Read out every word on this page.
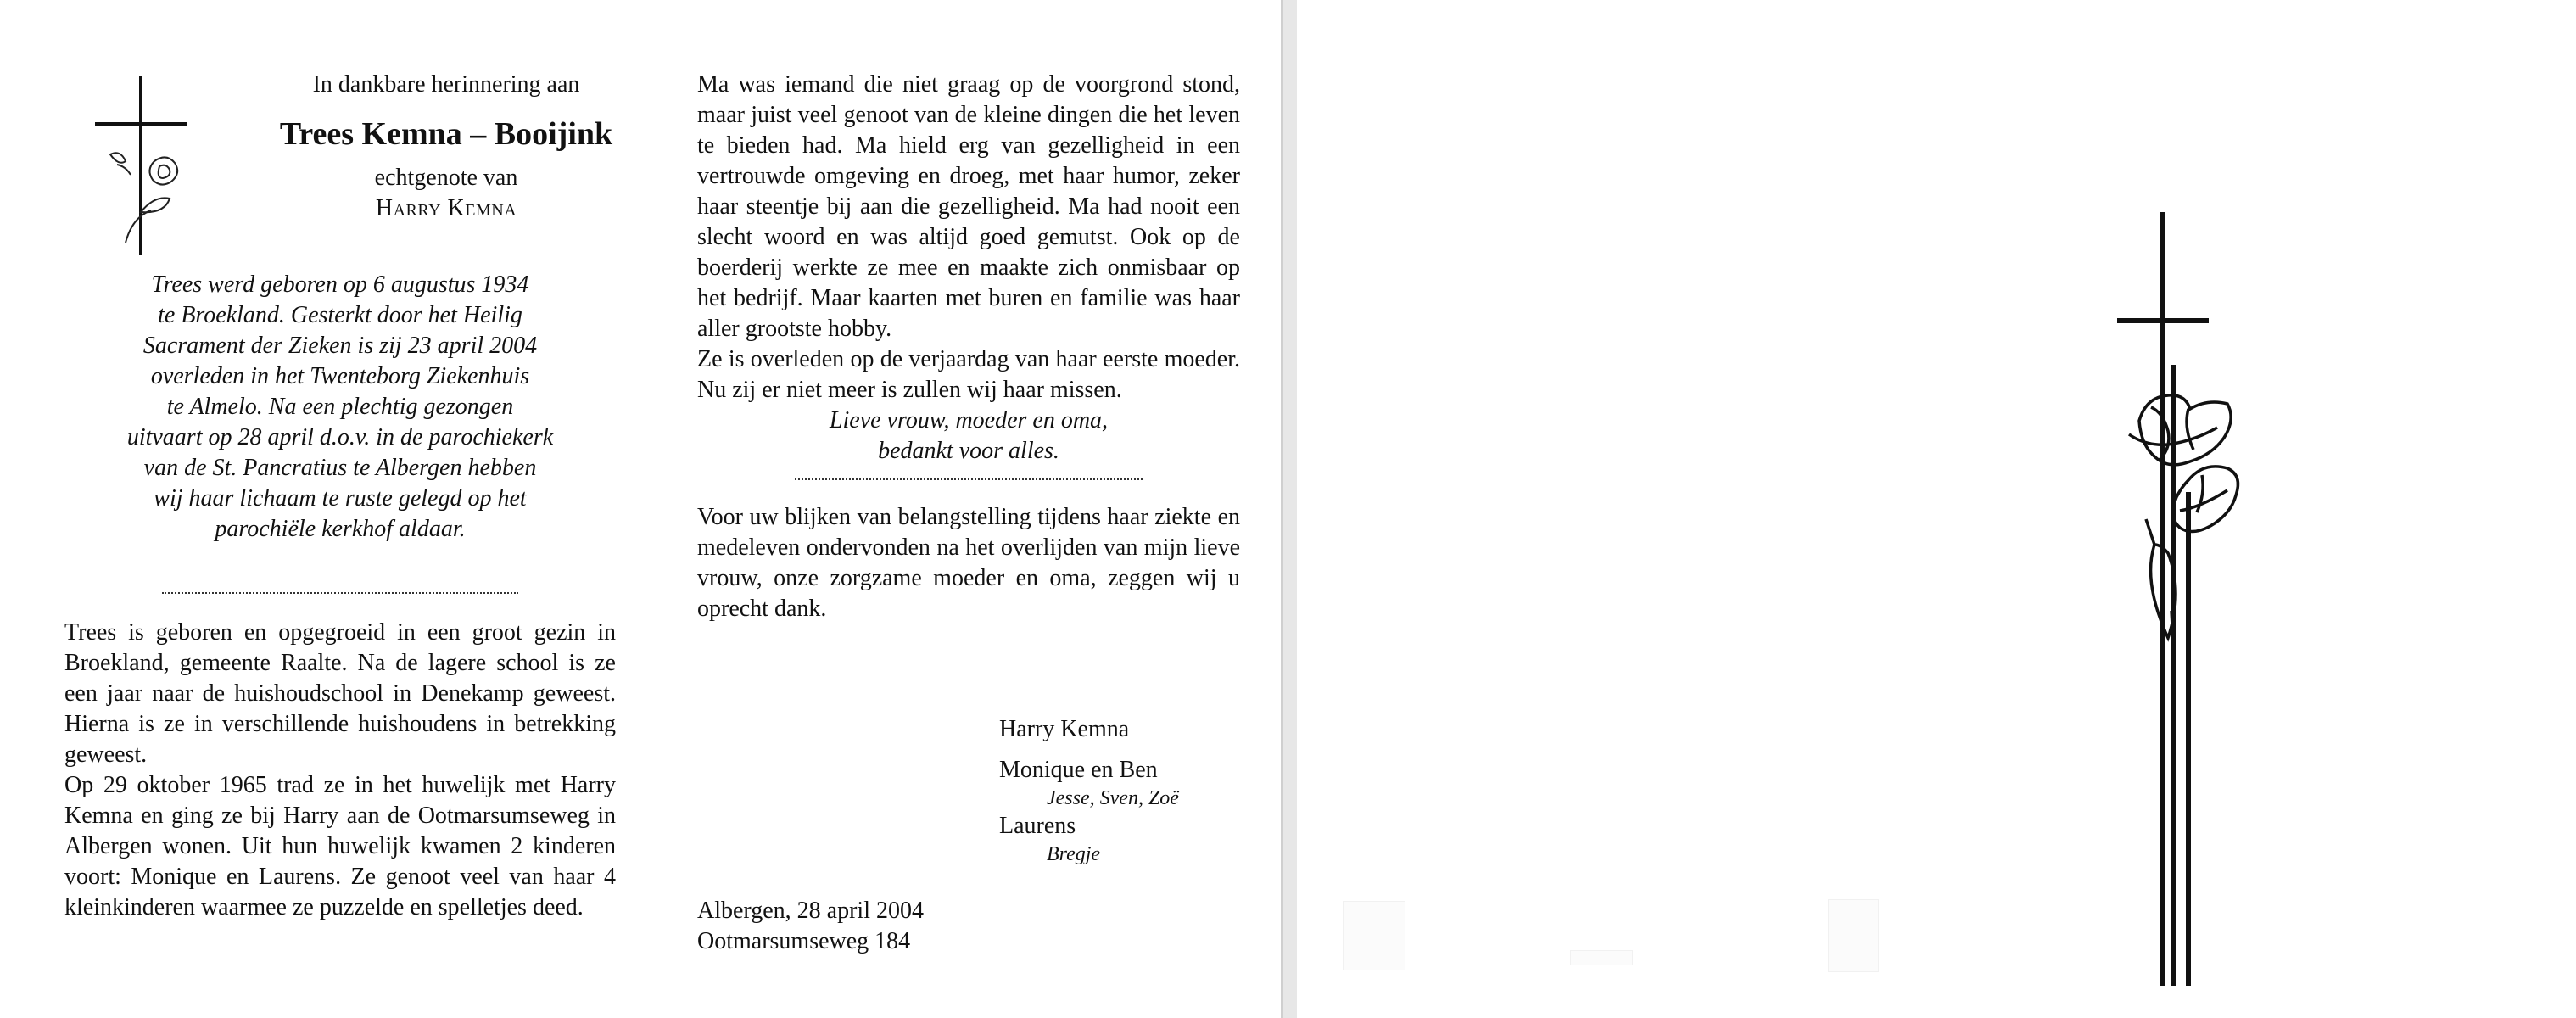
In dankbare herinnering aan
Trees Kemna – Booijink
echtgenote van
Harry Kemna
Trees werd geboren op 6 augustus 1934
te Broekland. Gesterkt door het Heilig
Sacrament der Zieken is zij 23 april 2004
overleden in het Twenteborg Ziekenhuis
te Almelo. Na een plechtig gezongen
uitvaart op 28 april d.o.v. in de parochiekerk
van de St. Pancratius te Albergen hebben
wij haar lichaam te ruste gelegd op het
parochiële kerkhof aldaar.

Trees is geboren en opgegroeid in een groot gezin in Broekland, gemeente Raalte. Na de lagere school is ze een jaar naar de huishoudschool in Denekamp geweest. Hierna is ze in verschillende huishoudens in betrekking geweest.

Op 29 oktober 1965 trad ze in het huwelijk met Harry Kemna en ging ze bij Harry aan de Ootmarsumseweg in Albergen wonen. Uit hun huwelijk kwamen 2 kinderen voort: Monique en Laurens. Ze genoot veel van haar 4 kleinkinderen waarmee ze puzzelde en spelletjes deed.

Ma was iemand die niet graag op de voorgrond stond, maar juist veel genoot van de kleine dingen die het leven te bieden had. Ma hield erg van gezelligheid in een vertrouwde omgeving en droeg, met haar humor, zeker haar steentje bij aan die gezelligheid. Ma had nooit een slecht woord en was altijd goed gemutst. Ook op de boerderij werkte ze mee en maakte zich onmisbaar op het bedrijf. Maar kaarten met buren en familie was haar aller grootste hobby.

Ze is overleden op de verjaardag van haar eerste moeder. Nu zij er niet meer is zullen wij haar missen.

Lieve vrouw, moeder en oma,
bedankt voor alles.

Voor uw blijken van belangstelling tijdens haar ziekte en medeleven ondervonden na het overlijden van mijn lieve vrouw, onze zorgzame moeder en oma, zeggen wij u oprecht dank.

Harry Kemna
Monique en Ben
Jesse, Sven, Zoë
Laurens
Bregje
Albergen, 28 april 2004
Ootmarsumseweg 184
